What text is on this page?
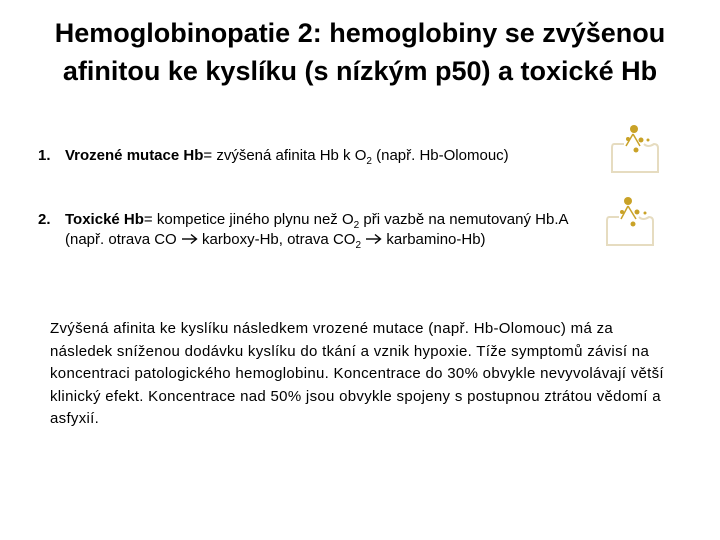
Hemoglobinopatie 2: hemoglobiny se zvýšenou
afinitou ke kyslíku (s nízkým p50) a toxické Hb
1. Vrozené mutace Hb= zvýšená afinita Hb k $O_2$ (např. Hb-Olomouc)
2. Toxické Hb= kompetice jiného plynu než $O_2$ při vazbě na nemutovaný Hb.A (např. otrava CO  karboxy-Hb, otrava $CO_2$  karbamino-Hb)
Zvýšená afinita ke kyslíku následkem vrozené mutace (např. Hb-Olomouc) má za následek sníženou dodávku kyslíku do tkání a vznik hypoxie. Tíže symptomů závisí na koncentraci patologického hemoglobinu. Koncentrace do 30% obvykle nevyvolávají větší klinický efekt. Koncentrace nad 50% jsou obvykle spojeny s postupnou ztrátou vědomí a asfyxií.
